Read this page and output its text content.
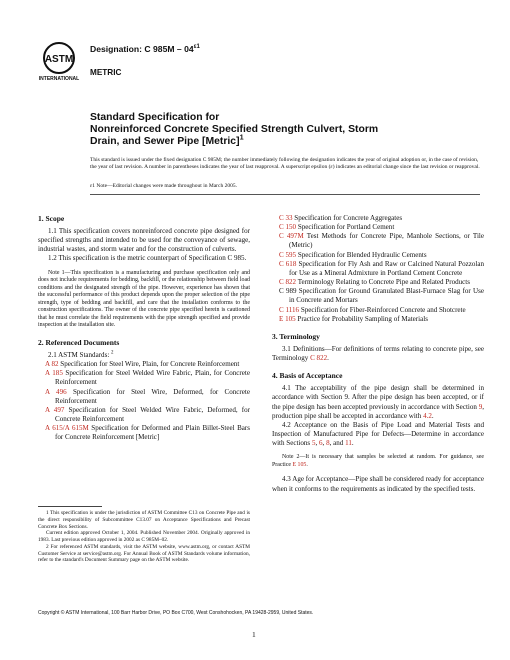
ASTM
INTERNATIONAL
Designation: C $985M - 04^{\varepsilon 1}$
METRIC
Standard Specification for
Nonreinforced Concrete Specified Strength Culvert, Storm
Drain, and Sewer Pipe [Metric]$^1$
This standard is issued under the fixed designation C 985M; the number immediately following the designation indicates the year of original adoption or, in the case of revision, the year of last revision. A number in parentheses indicates the year of last reapproval. A superscript epsilon (ε) indicates an editorial change since the last revision or reapproval.
ε1 Note—Editorial changes were made throughout in March 2005.
1. Scope

1.1 This specification covers nonreinforced concrete pipe designed for specified strengths and intended to be used for the conveyance of sewage, industrial wastes, and storm water and for the construction of culverts.

1.2 This specification is the metric counterpart of Specification C 985.

Note 1—This specification is a manufacturing and purchase specification only and does not include requirements for bedding, backfill, or the relationship between field load conditions and the designated strength of the pipe. However, experience has shown that the successful performance of this product depends upon the proper selection of the pipe strength, type of bedding and backfill, and care that the installation conforms to the construction specifications. The owner of the concrete pipe specified herein is cautioned that he must correlate the field requirements with the pipe strength specified and provide inspection at the installation site.
2. Referenced Documents

2.1 ASTM Standards: $^2$

A 82 Specification for Steel Wire, Plain, for Concrete Reinforcement

A 185 Specification for Steel Welded Wire Fabric, Plain, for Concrete Reinforcement

A 496 Specification for Steel Wire, Deformed, for Concrete Reinforcement

A 497 Specification for Steel Welded Wire Fabric, Deformed, for Concrete Reinforcement

A 615/A 615M Specification for Deformed and Plain Billet-Steel Bars for Concrete Reinforcement [Metric]

C 33 Specification for Concrete Aggregates

C 150 Specification for Portland Cement

C 497M Test Methods for Concrete Pipe, Manhole Sections, or Tile (Metric)

C 595 Specification for Blended Hydraulic Cements

C 618 Specification for Fly Ash and Raw or Calcined Natural Pozzolan for Use as a Mineral Admixture in Portland Cement Concrete

C 822 Terminology Relating to Concrete Pipe and Related Products

C 989 Specification for Ground Granulated Blast-Furnace Slag for Use in Concrete and Mortars

C 1116 Specification for Fiber-Reinforced Concrete and Shotcrete

E 105 Practice for Probability Sampling of Materials

3. Terminology

3.1 Definitions—For definitions of terms relating to concrete pipe, see Terminology C 822.

4. Basis of Acceptance

4.1 The acceptability of the pipe design shall be determined in accordance with Section 9. After the pipe design has been accepted, or if the pipe design has been accepted previously in accordance with Section 9, production pipe shall be accepted in accordance with 4.2.

4.2 Acceptance on the Basis of Pipe Load and Material Tests and Inspection of Manufactured Pipe for Defects—Determine in accordance with Sections 5, 6, 8, and 11.

Note 2—It is necessary that samples be selected at random. For guidance, see Practice E 105.

4.3 Age for Acceptance—Pipe shall be considered ready for acceptance when it conforms to the requirements as indicated by the specified tests.

1 This specification is under the jurisdiction of ASTM Committee C13 on Concrete Pipe and is the direct responsibility of Subcommittee C13.07 on Acceptance Specifications and Precast Concrete Box Sections.

Current edition approved October 1, 2004. Published November 2004. Originally approved in 1983. Last previous edition approved in 2002 as C 985M–02.

2 For referenced ASTM standards, visit the ASTM website, www.astm.org, or contact ASTM Customer Service at service@astm.org. For Annual Book of ASTM Standards volume information, refer to the standard's Document Summary page on the ASTM website.

Copyright © ASTM International, 100 Barr Harbor Drive, PO Box C700, West Conshohocken, PA 19428-2959, United States.
1
